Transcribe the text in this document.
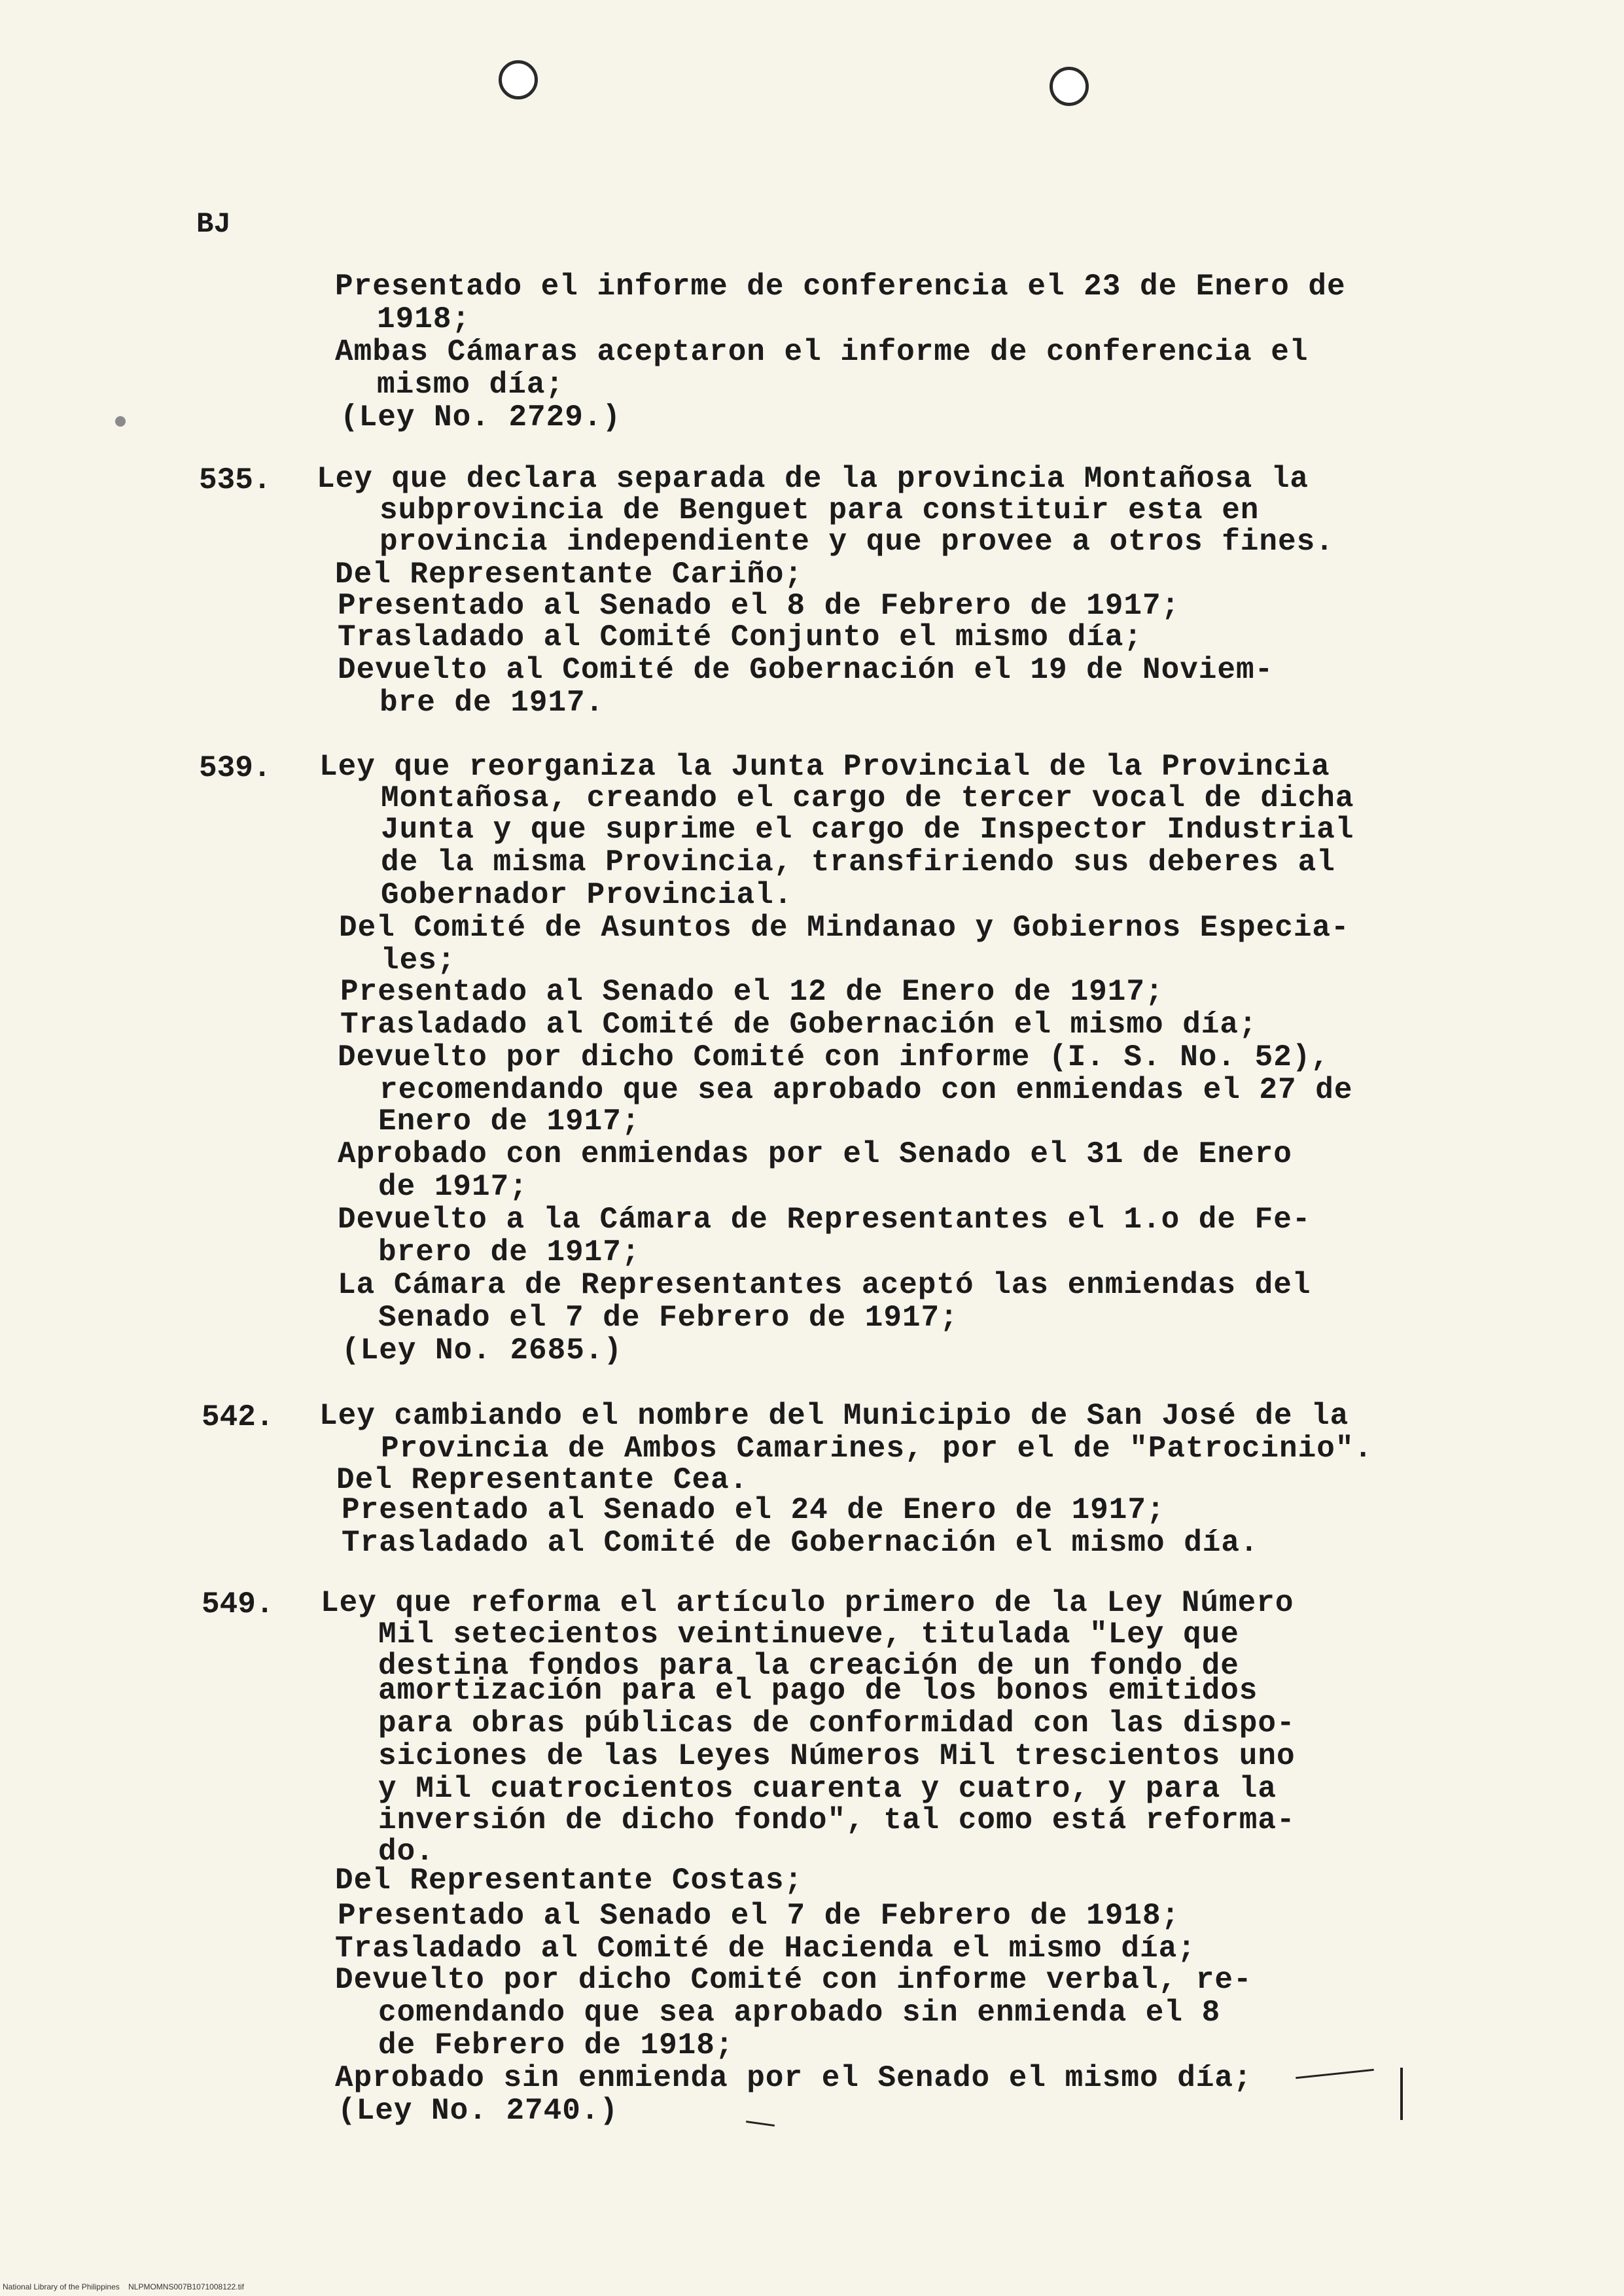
BJ
Presentado el informe de conferencia el 23 de Enero de
1918;
Ambas Cámaras aceptaron el informe de conferencia el
mismo día;
(Ley No. 2729.)
535. Ley que declara separada de la provincia Montañosa la
subprovincia de Benguet para constituir esta en
provincia independiente y que provee a otros fines.
Del Representante Cariño;
Presentado al Senado el 8 de Febrero de 1917;
Trasladado al Comité Conjunto el mismo día;
Devuelto al Comité de Gobernación el 19 de Noviem-
bre de 1917.
539. Ley que reorganiza la Junta Provincial de la Provincia
Montañosa, creando el cargo de tercer vocal de dicha
Junta y que suprime el cargo de Inspector Industrial
de la misma Provincia, transfiriendo sus deberes al
Gobernador Provincial.
Del Comité de Asuntos de Mindanao y Gobiernos Especia-
les;
Presentado al Senado el 12 de Enero de 1917;
Trasladado al Comité de Gobernación el mismo día;
Devuelto por dicho Comité con informe (I. S. No. 52),
recomendando que sea aprobado con enmiendas el 27 de
Enero de 1917;
Aprobado con enmiendas por el Senado el 31 de Enero
de 1917;
Devuelto a la Cámara de Representantes el 1.o de Fe-
brero de 1917;
La Cámara de Representantes aceptó las enmiendas del
Senado el 7 de Febrero de 1917;
(Ley No. 2685.)
542. Ley cambiando el nombre del Municipio de San José de la
Provincia de Ambos Camarines, por el de "Patrocinio".
Del Representante Cea.
Presentado al Senado el 24 de Enero de 1917;
Trasladado al Comité de Gobernación el mismo día.
549. Ley que reforma el artículo primero de la Ley Número
Mil setecientos veintinueve, titulada "Ley que
destina fondos para la creación de un fondo de
amortización para el pago de los bonos emitidos
para obras públicas de conformidad con las dispo-
siciones de las Leyes Números Mil trescientos uno
y Mil cuatrocientos cuarenta y cuatro, y para la
inversión de dicho fondo", tal como está reforma-
do.
Del Representante Costas;
Presentado al Senado el 7 de Febrero de 1918;
Trasladado al Comité de Hacienda el mismo día;
Devuelto por dicho Comité con informe verbal, re-
comendando que sea aprobado sin enmienda el 8
de Febrero de 1918;
Aprobado sin enmienda por el Senado el mismo día;
(Ley No. 2740.)
National Library of the Philippines NLPMOMNS007B1071008122.tif
